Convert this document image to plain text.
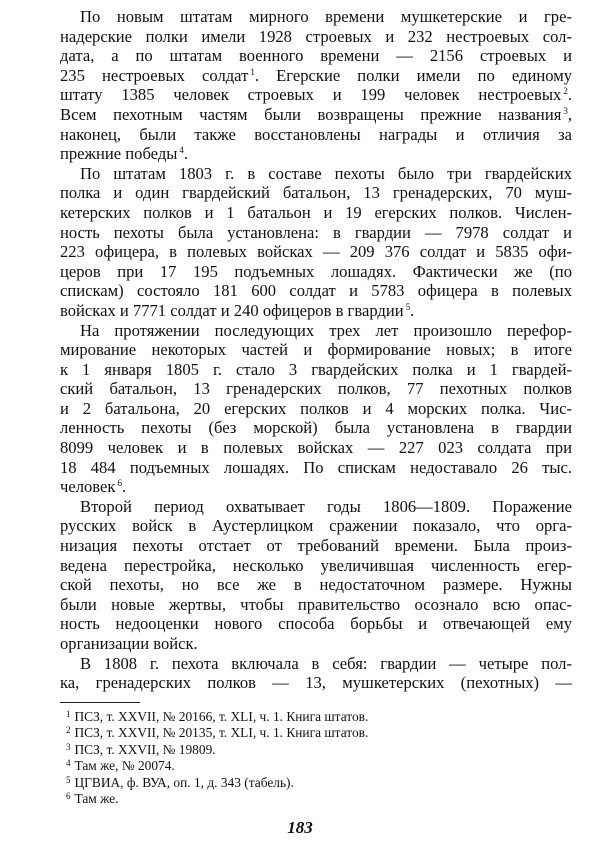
По новым штатам мирного времени мушкетерские и гре-
надерские полки имели 1928 строевых и 232 нестроевых сол-
дата, а по штатам военного времени — 2156 строевых и
235 нестроевых солдат $^1$. Егерские полки имели по единому
штату 1385 человек строевых и 199 человек нестроевых $^2$.
Всем пехотным частям были возвращены прежние названия $^3$,
наконец, были также восстановлены награды и отличия за
прежние победы $^4$.
По штатам 1803 г. в составе пехоты было три гвардейских
полка и один гвардейский батальон, 13 гренадерских, 70 муш-
кетерских полков и 1 батальон и 19 егерских полков. Числен-
ность пехоты была установлена: в гвардии — 7978 солдат и
223 офицера, в полевых войсках — 209 376 солдат и 5835 офи-
церов при 17 195 подъемных лошадях. Фактически же (по
спискам) состояло 181 600 солдат и 5783 офицера в полевых
войсках и 7771 солдат и 240 офицеров в гвардии $^5$.
На протяжении последующих трех лет произошло перефор-
мирование некоторых частей и формирование новых; в итоге
к 1 января 1805 г. стало 3 гвардейских полка и 1 гвардей-
ский батальон, 13 гренадерских полков, 77 пехотных полков
и 2 батальона, 20 егерских полков и 4 морских полка. Чис-
ленность пехоты (без морской) была установлена в гвардии
8099 человек и в полевых войсках — 227 023 солдата при
18 484 подъемных лошадях. По спискам недоставало 26 тыс.
человек $^6$.
Второй период охватывает годы 1806—1809. Поражение
русских войск в Аустерлицком сражении показало, что орга-
низация пехоты отстает от требований времени. Была произ-
ведена перестройка, несколько увеличившая численность егер-
ской пехоты, но все же в недостаточном размере. Нужны
были новые жертвы, чтобы правительство осознало всю опас-
ность недооценки нового способа борьбы и отвечающей ему
организации войск.
В 1808 г. пехота включала в себя: гвардии — четыре пол-
ка, гренадерских полков — 13, мушкетерских (пехотных) —
$^1$ ПСЗ, т. XXVII, № 20166, т. XLI, ч. 1. Книга штатов.
$^2$ ПСЗ, т. XXVII, № 20135, т. XLI, ч. 1. Книга штатов.
$^3$ ПСЗ, т. XXVII, № 19809.
$^4$ Там же, № 20074.
$^5$ ЦГВИА, ф. ВУА, оп. 1, д. 343 (табель).
$^6$ Там же.
183
